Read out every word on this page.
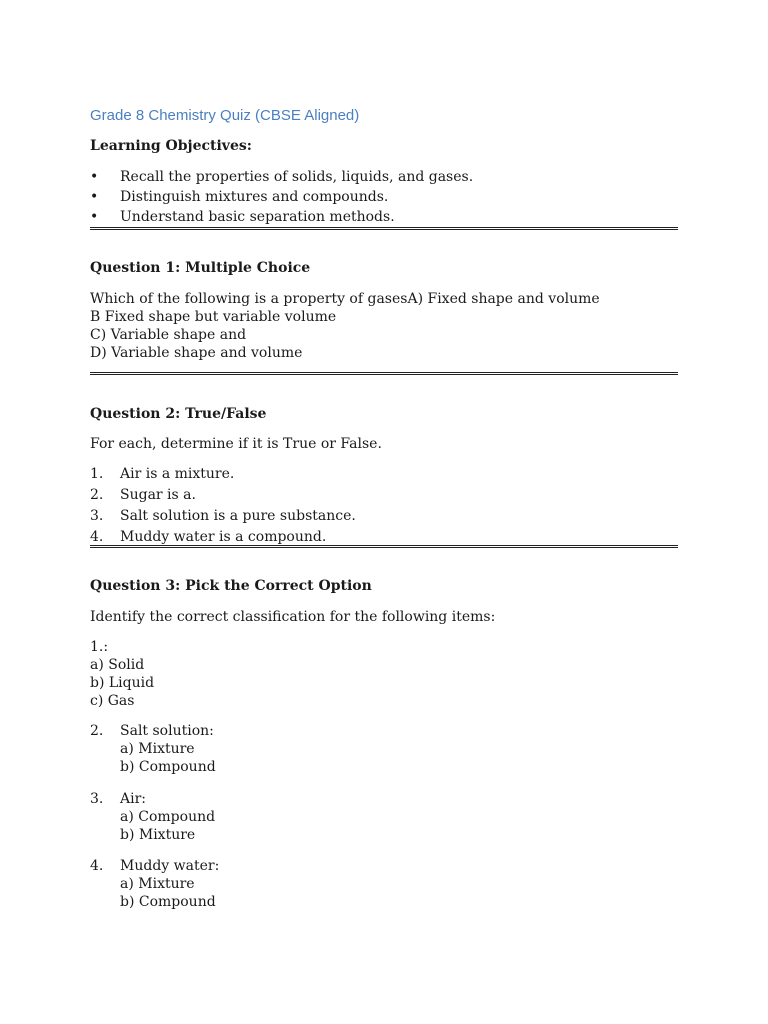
Grade 8 Chemistry Quiz (CBSE Aligned)
Learning Objectives:
• Recall the properties of solids, liquids, and gases.
• Distinguish mixtures and compounds.
• Understand basic separation methods.
Question 1: Multiple Choice
Which of the following is a property of gasesA) Fixed shape and volume
B Fixed shape but variable volume
C) Variable shape and
D) Variable shape and volume
Question 2: True/False
For each, determine if it is True or False.
1. Air is a mixture.
2. Sugar is a.
3. Salt solution is a pure substance.
4. Muddy water is a compound.
Question 3: Pick the Correct Option
Identify the correct classification for the following items:
1.:
a) Solid
b) Liquid
c) Gas
2. Salt solution:
a) Mixture
b) Compound
3. Air:
a) Compound
b) Mixture
4. Muddy water:
a) Mixture
b) Compound
